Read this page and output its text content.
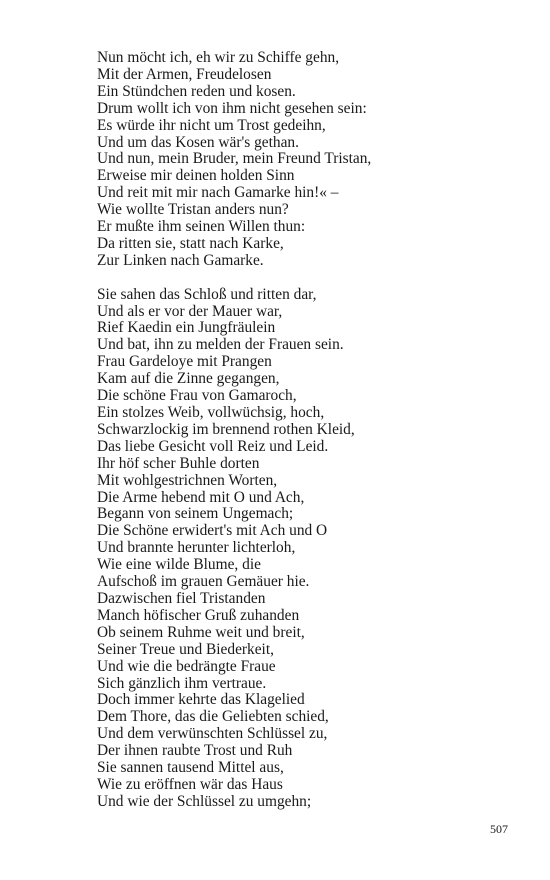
Nun möcht ich, eh wir zu Schiffe gehn,
Mit der Armen, Freudelosen
Ein Stündchen reden und kosen.
Drum wollt ich von ihm nicht gesehen sein:
Es würde ihr nicht um Trost gedeihn,
Und um das Kosen wär's gethan.
Und nun, mein Bruder, mein Freund Tristan,
Erweise mir deinen holden Sinn
Und reit mit mir nach Gamarke hin!« –
Wie wollte Tristan anders nun?
Er mußte ihm seinen Willen thun:
Da ritten sie, statt nach Karke,
Zur Linken nach Gamarke.
Sie sahen das Schloß und ritten dar,
Und als er vor der Mauer war,
Rief Kaedin ein Jungfräulein
Und bat, ihn zu melden der Frauen sein.
Frau Gardeloye mit Prangen
Kam auf die Zinne gegangen,
Die schöne Frau von Gamaroch,
Ein stolzes Weib, vollwüchsig, hoch,
Schwarzlockig im brennend rothen Kleid,
Das liebe Gesicht voll Reiz und Leid.
Ihr höf scher Buhle dorten
Mit wohlgestrichnen Worten,
Die Arme hebend mit O und Ach,
Begann von seinem Ungemach;
Die Schöne erwidert's mit Ach und O
Und brannte herunter lichterloh,
Wie eine wilde Blume, die
Aufschoß im grauen Gemäuer hie.
Dazwischen fiel Tristanden
Manch höfischer Gruß zuhanden
Ob seinem Ruhme weit und breit,
Seiner Treue und Biederkeit,
Und wie die bedrängte Fraue
Sich gänzlich ihm vertraue.
Doch immer kehrte das Klagelied
Dem Thore, das die Geliebten schied,
Und dem verwünschten Schlüssel zu,
Der ihnen raubte Trost und Ruh
Sie sannen tausend Mittel aus,
Wie zu eröffnen wär das Haus
Und wie der Schlüssel zu umgehn;
507
